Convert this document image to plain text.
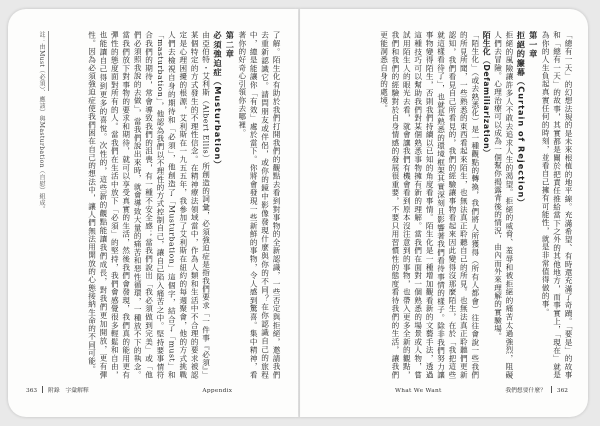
「總有一天」的幻想法規的是未來根植的地平線。充滿希望、有時還充滿了奇蹟。「要是」的故事和「總有一天」的故事，其實都是關於把責任推給當下之外的其他地方，而事實上，「現在」就是為你的人生負起真實任何的時刻，並看自己擁有可能性，就是非常值得做的事。
第一章
拒絕的簾幕（Curtain of Rejection）
拒絕的風險讓許多人不敢去追求人生的渴望。拒絕的威脅、羞辱和被拒絕的痛苦太過強烈，阻礙人們去冒險。心理治療可以成為一個幫你揭露背後的情況，由內而外來理解的實驗場。
陌生化（Defamiliarization）
「陌生化」（或去熟悉化）是一種觀點的轉換，我們將人所獲得（所有人都會）往往會說一些我們的所見所聞，一些熟悉的東西看起來陌生，也無法真正聆聽自己的所見。也無法真正聆聽們更新認知，我們看見自己所看見的，我們的經驗讓事物看起來因此變得沒那麼陌生，在於「我把這些就這樣看待了」，也就是熟悉的環境框架其實深刻且影響著我們看待事情的樣子。除非我們努力讓事物變得陌生，否則我們持續以已知的角度看事情。陌生化是一種增加觀看新的文藝手法，透過這種技巧可以幫助我們對某個熟悉事物擁有新的理解。當我們在面對一個熟悉的場景或人物，嘗試用陌生人的眼光去看，就會讓我們有機會看到原本沒注意到的事物，也帶入更多全新的觀點，我們和我們的經驗對於自身情感的發展很重要，不要只用習慣性的態度看待我們的生活，讓我們更能洞悉自身的處境。
What We Want	我們想要什麼？ 362
了解。陌生化有助於我們打開我們的觀點去看到對事物的全新認識，一些否定與拒絕，邀請我們去重新認識它。請問朋友或伴侶，或你的鏡中影像發現什麼與你的不同？在你認識自己的旅程中，總是能讓你「有效」處於當下。你將會發現一些新鮮的事物，令人感到驚喜。集中精神，看著你的好奇心引領你去哪裡。
第二章
必須強迫症（Musturbation）
由亞伯特・艾利斯（Albert Ellis）所創造的詞彙，必須強迫症是指我們要求「一件事『必須』」某個特定的方式發生的不理性信念。在精神療法領域當中，作為人類和生活中不合理的要求被認定是心理困擾的根源，艾利斯在一九五五年，我參加了艾利斯在紐約的每週聚會，他的方式挑戰人們去檢視自身的期待和「必須」，他創造了「Musturbation」這個字，結合了「must」和「masturbation」，他認為我們以不理性的方式控制自己，讓自己陷入痛苦之中。堅持要事情符合我們的期待，常會導致我們的沮喪，有一種不安全感；當我們說出「我必須做到完美」或「他們必須照我說的去做」，當我們說出來時，就會導致大量的痛苦和惡性循環，一種放不下的執念。當我們放下對事物的要求和期待，就可以享受真實的生活，然後我們會發現，我們真的能用更有彈性的態度面對所有的人。當我們在生活中放下「必須」的堅持，我們會感覺很多輕鬆和自由，也能讓自己得到更多的喜悅。次性的，這些新的觀點能讓我們成長，對我們更加開放，更有彈性。因為必須強迫症使我們困在自己的想法中，讓人們無法用開放的心態接納生命的不同可能。
註：由Must（必須）、應該）與Masturbation（自慰）組成。
363 附錄　字彙解釋	Appendix
